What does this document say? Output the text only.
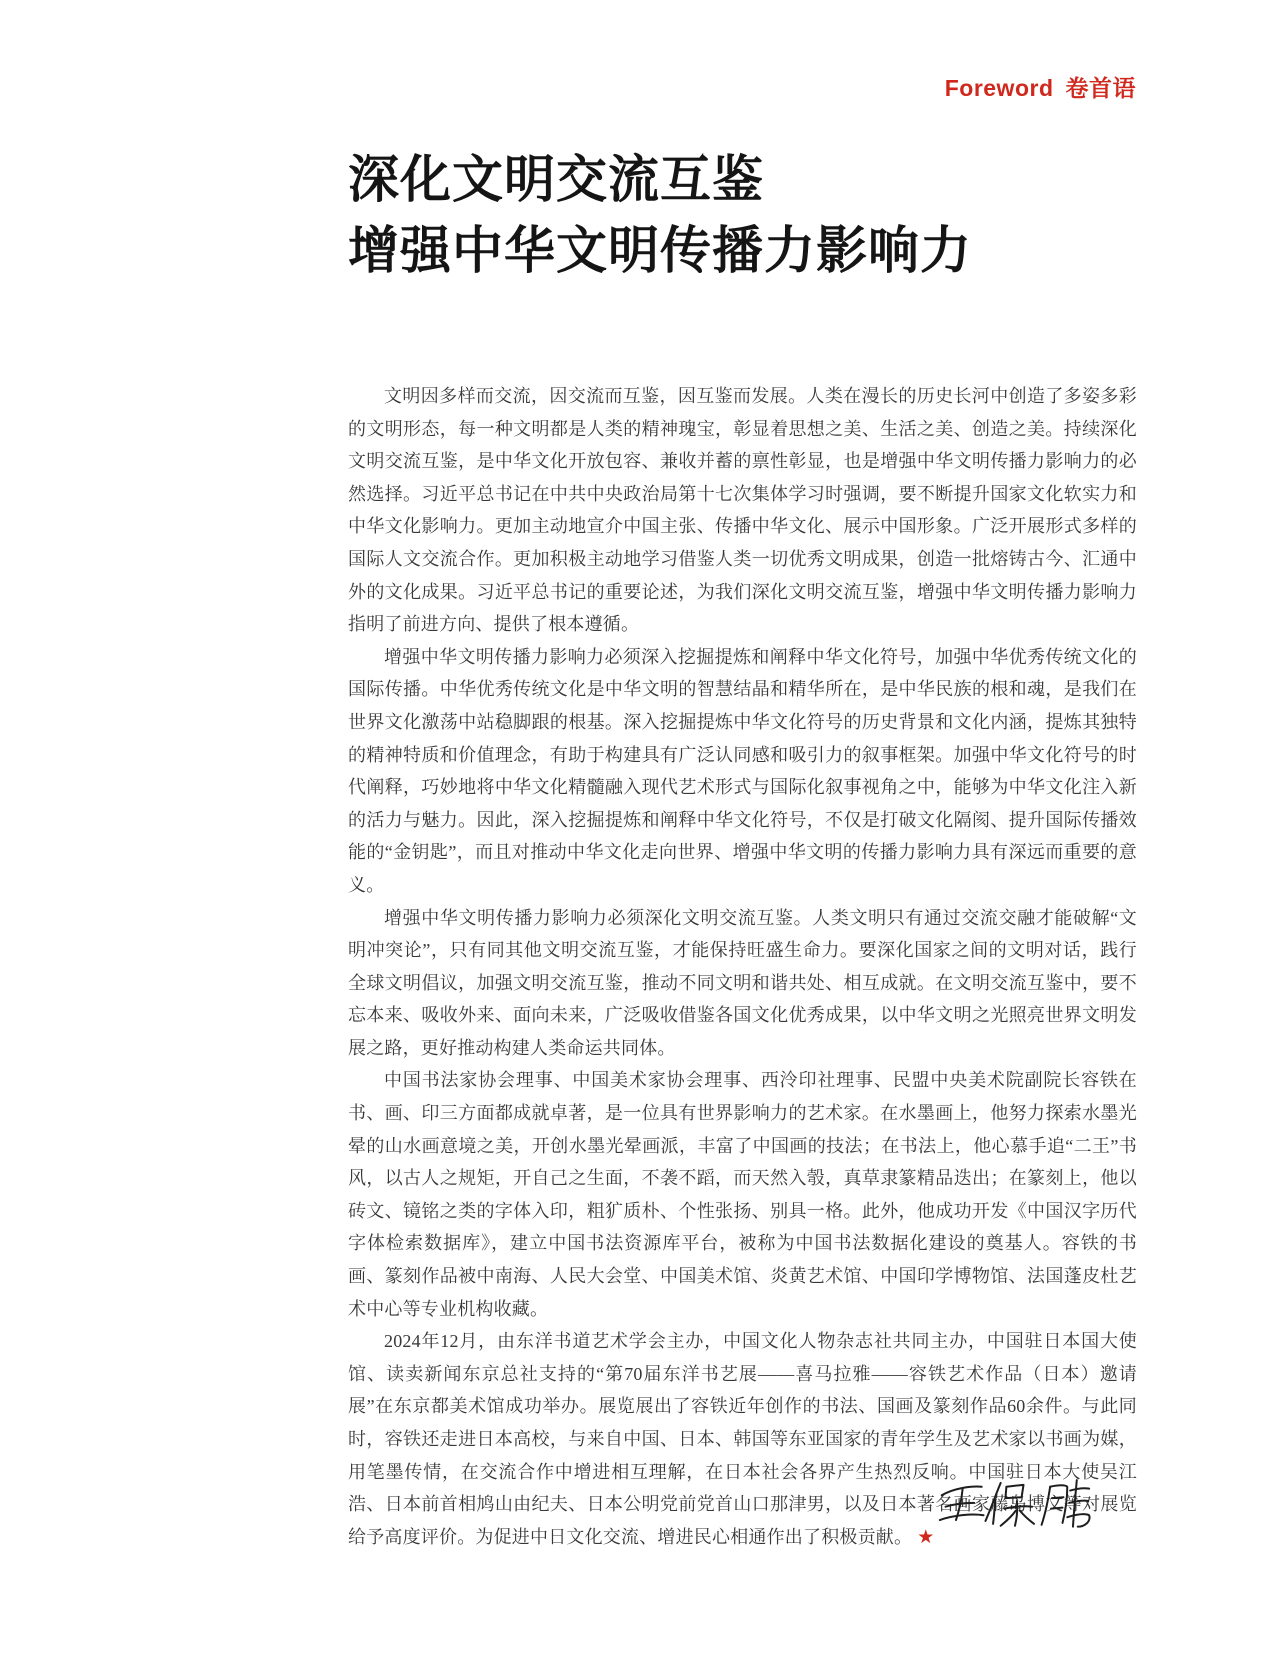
Foreword 卷首语
深化文明交流互鉴
增强中华文明传播力影响力

文明因多样而交流，因交流而互鉴，因互鉴而发展。人类在漫长的历史长河中创造了多姿多彩的文明形态，每一种文明都是人类的精神瑰宝，彰显着思想之美、生活之美、创造之美。持续深化文明交流互鉴，是中华文化开放包容、兼收并蓄的禀性彰显，也是增强中华文明传播力影响力的必然选择。习近平总书记在中共中央政治局第十七次集体学习时强调，要不断提升国家文化软实力和中华文化影响力。更加主动地宣介中国主张、传播中华文化、展示中国形象。广泛开展形式多样的国际人文交流合作。更加积极主动地学习借鉴人类一切优秀文明成果，创造一批熔铸古今、汇通中外的文化成果。习近平总书记的重要论述，为我们深化文明交流互鉴，增强中华文明传播力影响力指明了前进方向、提供了根本遵循。

增强中华文明传播力影响力必须深入挖掘提炼和阐释中华文化符号，加强中华优秀传统文化的国际传播。中华优秀传统文化是中华文明的智慧结晶和精华所在，是中华民族的根和魂，是我们在世界文化激荡中站稳脚跟的根基。深入挖掘提炼中华文化符号的历史背景和文化内涵，提炼其独特的精神特质和价值理念，有助于构建具有广泛认同感和吸引力的叙事框架。加强中华文化符号的时代阐释，巧妙地将中华文化精髓融入现代艺术形式与国际化叙事视角之中，能够为中华文化注入新的活力与魅力。因此，深入挖掘提炼和阐释中华文化符号，不仅是打破文化隔阂、提升国际传播效能的“金钥匙”，而且对推动中华文化走向世界、增强中华文明的传播力影响力具有深远而重要的意义。

增强中华文明传播力影响力必须深化文明交流互鉴。人类文明只有通过交流交融才能破解“文明冲突论”，只有同其他文明交流互鉴，才能保持旺盛生命力。要深化国家之间的文明对话，践行全球文明倡议，加强文明交流互鉴，推动不同文明和谐共处、相互成就。在文明交流互鉴中，要不忘本来、吸收外来、面向未来，广泛吸收借鉴各国文化优秀成果，以中华文明之光照亮世界文明发展之路，更好推动构建人类命运共同体。

中国书法家协会理事、中国美术家协会理事、西泠印社理事、民盟中央美术院副院长容铁在书、画、印三方面都成就卓著，是一位具有世界影响力的艺术家。在水墨画上，他努力探索水墨光晕的山水画意境之美，开创水墨光晕画派，丰富了中国画的技法；在书法上，他心慕手追“二王”书风，以古人之规矩，开自己之生面，不袭不蹈，而天然入彀，真草隶篆精品迭出；在篆刻上，他以砖文、镜铭之类的字体入印，粗犷质朴、个性张扬、别具一格。此外，他成功开发《中国汉字历代字体检索数据库》，建立中国书法资源库平台，被称为中国书法数据化建设的奠基人。容铁的书画、篆刻作品被中南海、人民大会堂、中国美术馆、炎黄艺术馆、中国印学博物馆、法国蓬皮杜艺术中心等专业机构收藏。

2024年12月，由东洋书道艺术学会主办，中国文化人物杂志社共同主办，中国驻日本国大使馆、读卖新闻东京总社支持的“第70届东洋书艺展——喜马拉雅——容铁艺术作品（日本）邀请展”在东京都美术馆成功举办。展览展出了容铁近年创作的书法、国画及篆刻作品60余件。与此同时，容铁还走进日本高校，与来自中国、日本、韩国等东亚国家的青年学生及艺术家以书画为媒，用笔墨传情，在交流合作中增进相互理解，在日本社会各界产生热烈反响。中国驻日本大使吴江浩、日本前首相鸠山由纪夫、日本公明党前党首山口那津男，以及日本著名画家藤岛博文等对展览给予高度评价。为促进中日文化交流、增进民心相通作出了积极贡献。 ★
